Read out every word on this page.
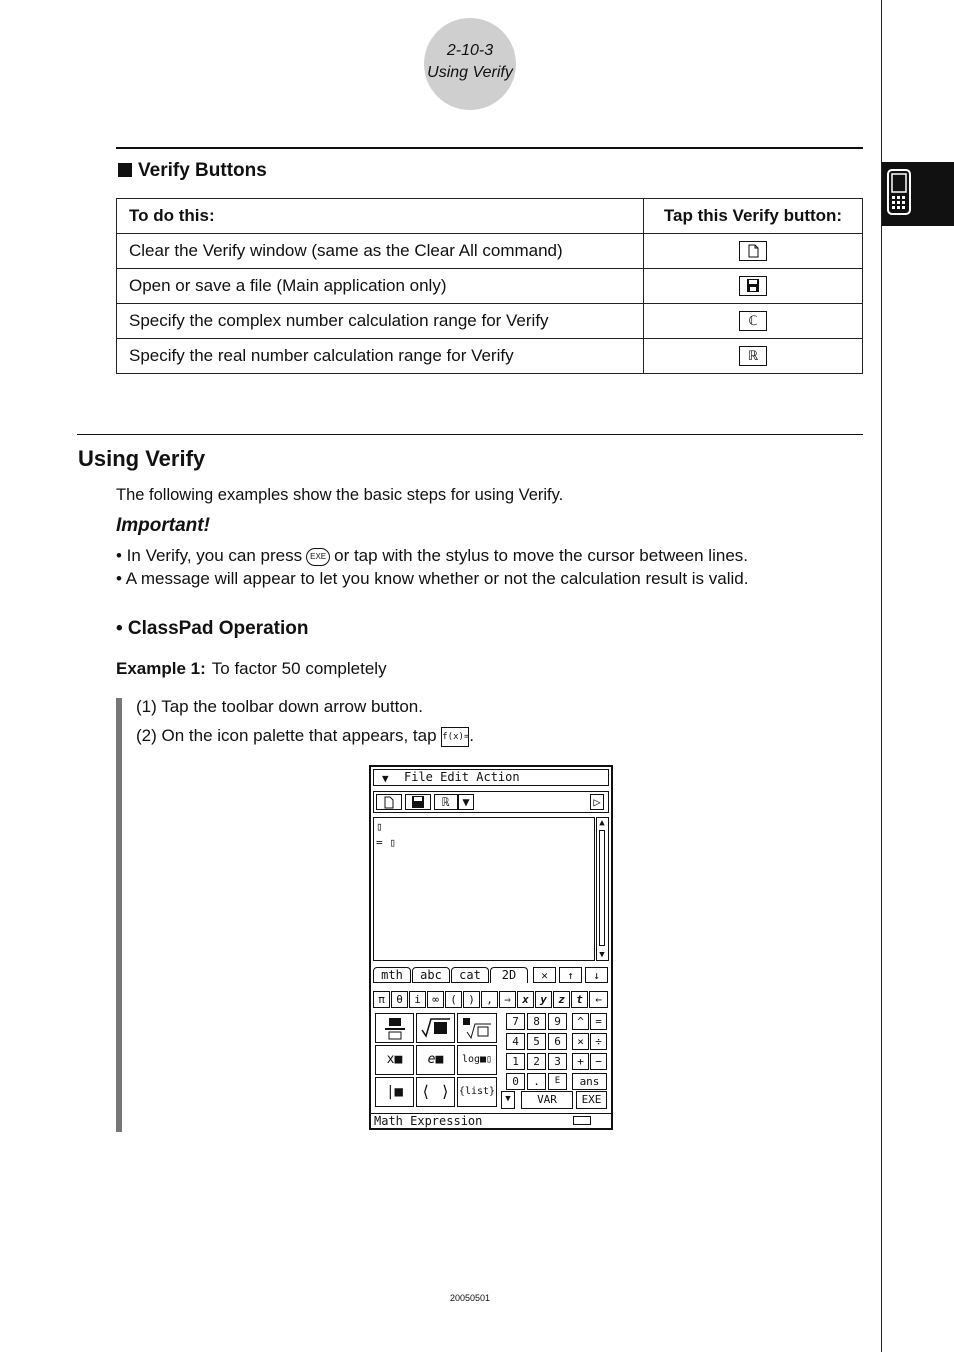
2-10-3
Using Verify
Verify Buttons
To do this:	Tap this Verify button:
Clear the Verify window (same as the Clear All command)	

Open or save a file (Main application only)	

Specify the complex number calculation range for Verify	ℂ
Specify the real number calculation range for Verify	ℝ
Using Verify
The following examples show the basic steps for using Verify.
Important!
• In Verify, you can press EXE or tap with the stylus to move the cursor between lines.
• A message will appear to let you know whether or not the calculation result is valid.
• ClassPad Operation
Example 1: To factor 50 completely
(1) Tap the toolbar down arrow button.
(2) On the icon palette that appears, tap f(x)=.
▼ File Edit Action
ℝ	▼	▷
▯
= ▯
▲
▼
mth	abc	cat	2D	✕	↑	↓
π	θ	i	∞	(	)	,	⇒	x	y	z	t	←
x■	e■	log■▯
|■	⟨ ⟩ {list}
7	8	9	^	=
4	5	6	×	÷
1	2	3	+	−
0	.	E	ans
▼	VAR	EXE
Math Expression
20050501
